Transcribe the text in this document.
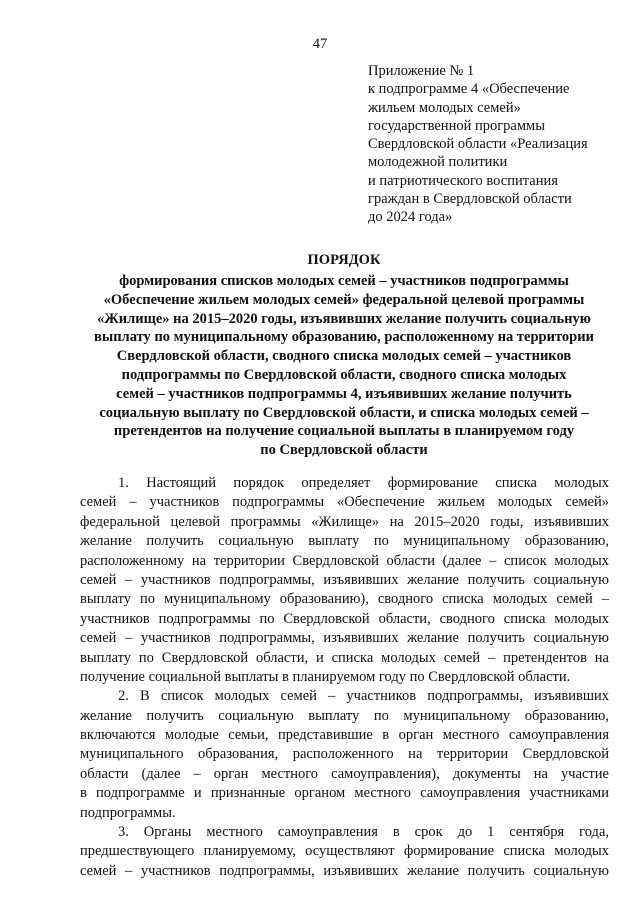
47
Приложение № 1
к подпрограмме 4 «Обеспечение
жильем молодых семей»
государственной программы
Свердловской области «Реализация
молодежной политики
и патриотического воспитания
граждан в Свердловской области
до 2024 года»
ПОРЯДОК
формирования списков молодых семей – участников подпрограммы
«Обеспечение жильем молодых семей» федеральной целевой программы
«Жилище» на 2015–2020 годы, изъявивших желание получить социальную
выплату по муниципальному образованию, расположенному на территории
Свердловской области, сводного списка молодых семей – участников
подпрограммы по Свердловской области, сводного списка молодых
семей – участников подпрограммы 4, изъявивших желание получить
социальную выплату по Свердловской области, и списка молодых семей –
претендентов на получение социальной выплаты в планируемом году
по Свердловской области
1. Настоящий порядок определяет формирование списка молодых
семей – участников подпрограммы «Обеспечение жильем молодых семей»
федеральной целевой программы «Жилище» на 2015–2020 годы, изъявивших
желание получить социальную выплату по муниципальному образованию,
расположенному на территории Свердловской области (далее – список молодых
семей – участников подпрограммы, изъявивших желание получить социальную
выплату по муниципальному образованию), сводного списка молодых семей –
участников подпрограммы по Свердловской области, сводного списка молодых
семей – участников подпрограммы, изъявивших желание получить социальную
выплату по Свердловской области, и списка молодых семей – претендентов на
получение социальной выплаты в планируемом году по Свердловской области.
2. В список молодых семей – участников подпрограммы, изъявивших
желание получить социальную выплату по муниципальному образованию,
включаются молодые семьи, представившие в орган местного самоуправления
муниципального образования, расположенного на территории Свердловской
области (далее – орган местного самоуправления), документы на участие
в подпрограмме и признанные органом местного самоуправления участниками
подпрограммы.
3. Органы местного самоуправления в срок до 1 сентября года,
предшествующего планируемому, осуществляют формирование списка молодых
семей – участников подпрограммы, изъявивших желание получить социальную
